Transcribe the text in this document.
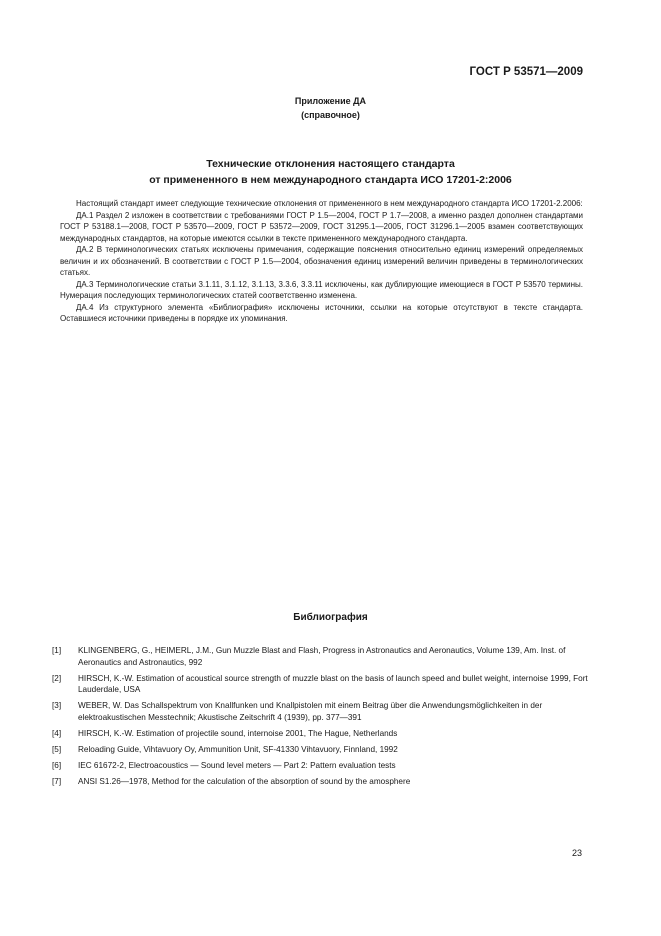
ГОСТ Р 53571—2009
Приложение ДА
(справочное)
Технические отклонения настоящего стандарта
от примененного в нем международного стандарта ИСО 17201-2:2006
Настоящий стандарт имеет следующие технические отклонения от примененного в нем международного стандарта ИСО 17201-2.2006:
ДА.1 Раздел 2 изложен в соответствии с требованиями ГОСТ Р 1.5—2004, ГОСТ Р 1.7—2008, а именно раздел дополнен стандартами ГОСТ Р 53188.1—2008, ГОСТ Р 53570—2009, ГОСТ Р 53572—2009, ГОСТ 31295.1—2005, ГОСТ 31296.1—2005 взамен соответствующих международных стандартов, на которые имеются ссылки в тексте примененного международного стандарта.
ДА.2 В терминологических статьях исключены примечания, содержащие пояснения относительно единиц измерений определяемых величин и их обозначений. В соответствии с ГОСТ Р 1.5—2004, обозначения единиц измерений величин приведены в терминологических статьях.
ДА.3 Терминологические статьи 3.1.11, 3.1.12, 3.1.13, 3.3.6, 3.3.11 исключены, как дублирующие имеющиеся в ГОСТ Р 53570 термины. Нумерация последующих терминологических статей соответственно изменена.
ДА.4 Из структурного элемента «Библиография» исключены источники, ссылки на которые отсутствуют в тексте стандарта. Оставшиеся источники приведены в порядке их упоминания.
Библиография
[1]	KLINGENBERG, G., HEIMERL, J.M., Gun Muzzle Blast and Flash, Progress in Astronautics and Aeronautics, Volume 139, Am. Inst. of Aeronautics and Astronautics, 992
[2]	HIRSCH, K.-W. Estimation of acoustical source strength of muzzle blast on the basis of launch speed and bullet weight, internoise 1999, Fort Lauderdale, USA
[3]	WEBER, W. Das Schallspektrum von Knallfunken und Knallpistolen mit einem Beitrag über die Anwendungsmöglichkeiten in der elektroakustischen Messtechnik; Akustische Zeitschrift 4 (1939), pp. 377—391
[4]	HIRSCH, K.-W. Estimation of projectile sound, internoise 2001, The Hague, Netherlands
[5]	Reloading Guide, Vihtavuory Oy, Ammunition Unit, SF-41330 Vihtavuory, Finnland, 1992
[6]	IEC 61672-2, Electroacoustics — Sound level meters — Part 2: Pattern evaluation tests
[7]	ANSI S1.26—1978, Method for the calculation of the absorption of sound by the amosphere
23
